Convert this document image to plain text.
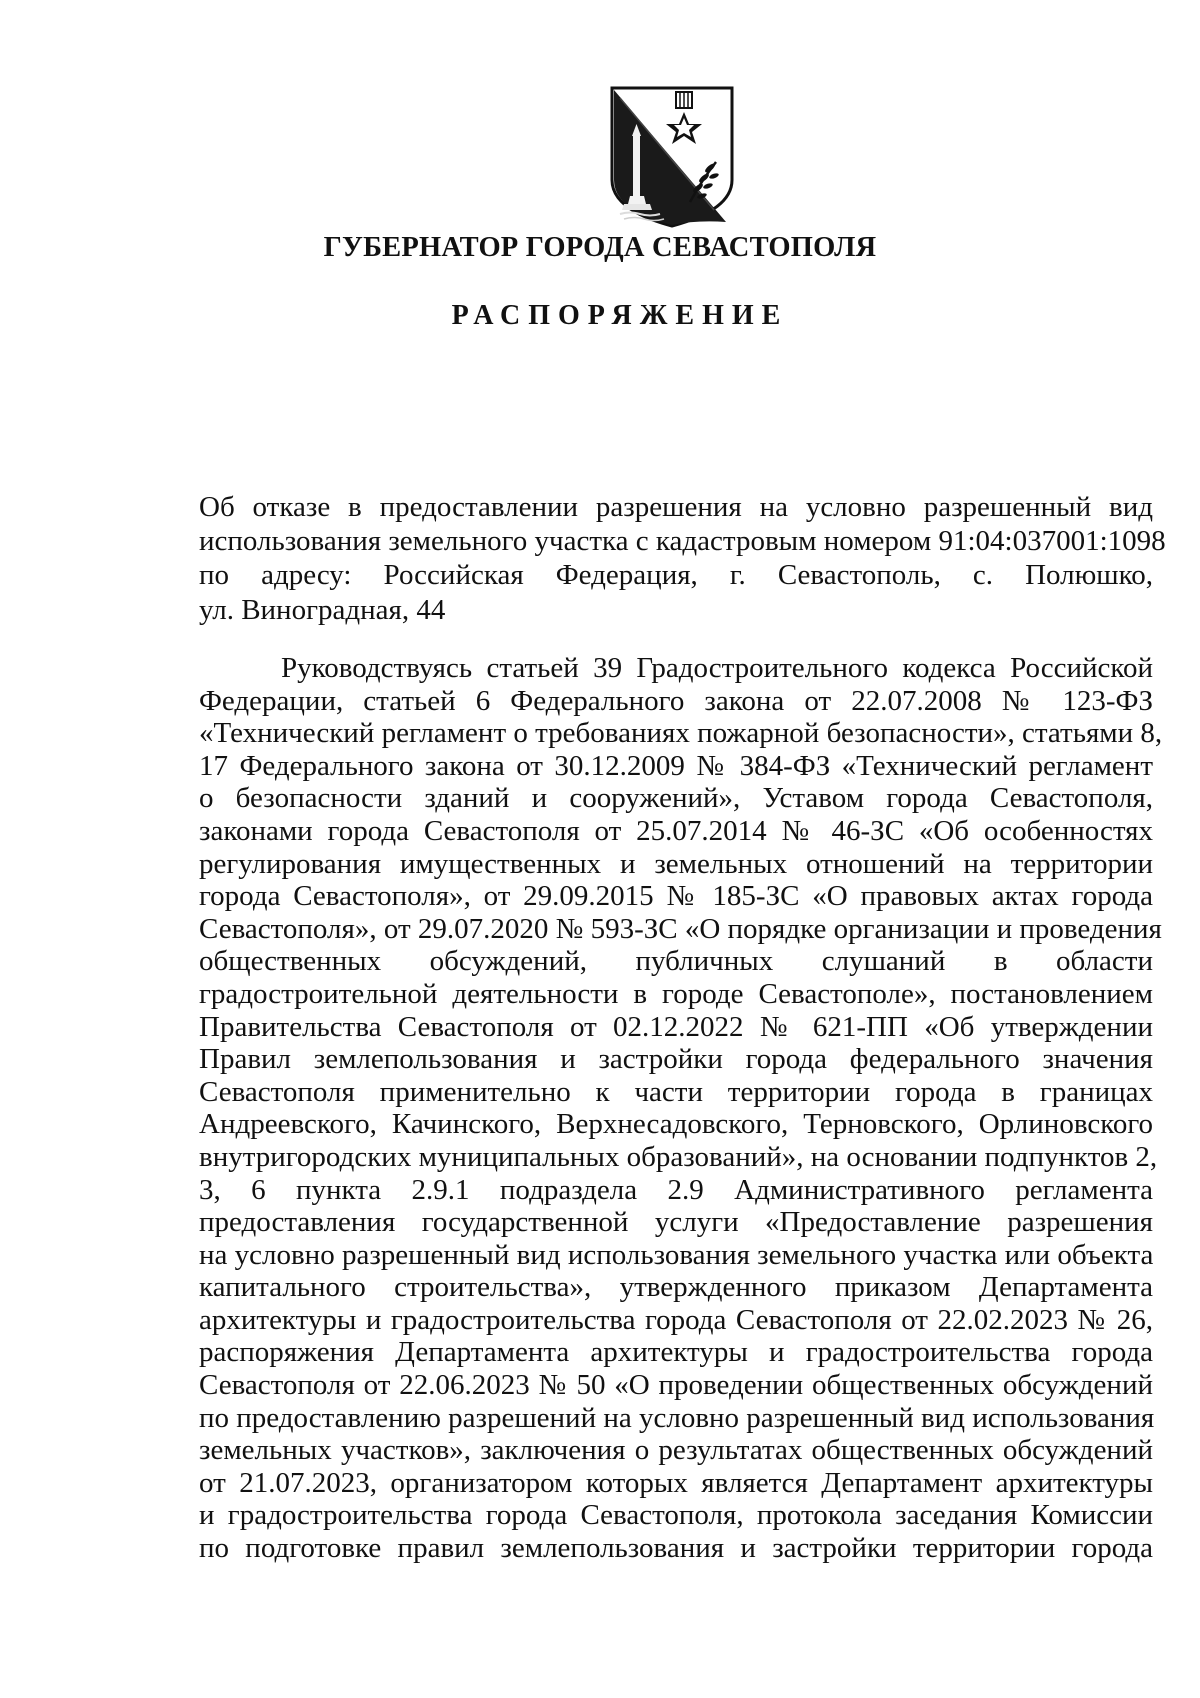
ГУБЕРНАТОР ГОРОДА СЕВАСТОПОЛЯ
РАСПОРЯЖЕНИЕ
Об отказе в предоставлении разрешения на условно разрешенный вид
использования земельного участка с кадастровым номером 91:04:037001:1098
по адресу: Российская Федерация, г. Севастополь, с. Полюшко,
ул. Виноградная, 44
Руководствуясь статьей 39 Градостроительного кодекса Российской
Федерации, статьей 6 Федерального закона от 22.07.2008 № 123-ФЗ
«Технический регламент о требованиях пожарной безопасности», статьями 8,
17 Федерального закона от 30.12.2009 № 384-ФЗ «Технический регламент
о безопасности зданий и сооружений», Уставом города Севастополя,
законами города Севастополя от 25.07.2014 № 46-ЗС «Об особенностях
регулирования имущественных и земельных отношений на территории
города Севастополя», от 29.09.2015 № 185-ЗС «О правовых актах города
Севастополя», от 29.07.2020 № 593-ЗС «О порядке организации и проведения
общественных обсуждений, публичных слушаний в области
градостроительной деятельности в городе Севастополе», постановлением
Правительства Севастополя от 02.12.2022 № 621-ПП «Об утверждении
Правил землепользования и застройки города федерального значения
Севастополя применительно к части территории города в границах
Андреевского, Качинского, Верхнесадовского, Терновского, Орлиновского
внутригородских муниципальных образований», на основании подпунктов 2,
3, 6 пункта 2.9.1 подраздела 2.9 Административного регламента
предоставления государственной услуги «Предоставление разрешения
на условно разрешенный вид использования земельного участка или объекта
капитального строительства», утвержденного приказом Департамента
архитектуры и градостроительства города Севастополя от 22.02.2023 № 26,
распоряжения Департамента архитектуры и градостроительства города
Севастополя от 22.06.2023 № 50 «О проведении общественных обсуждений
по предоставлению разрешений на условно разрешенный вид использования
земельных участков», заключения о результатах общественных обсуждений
от 21.07.2023, организатором которых является Департамент архитектуры
и градостроительства города Севастополя, протокола заседания Комиссии
по подготовке правил землепользования и застройки территории города
